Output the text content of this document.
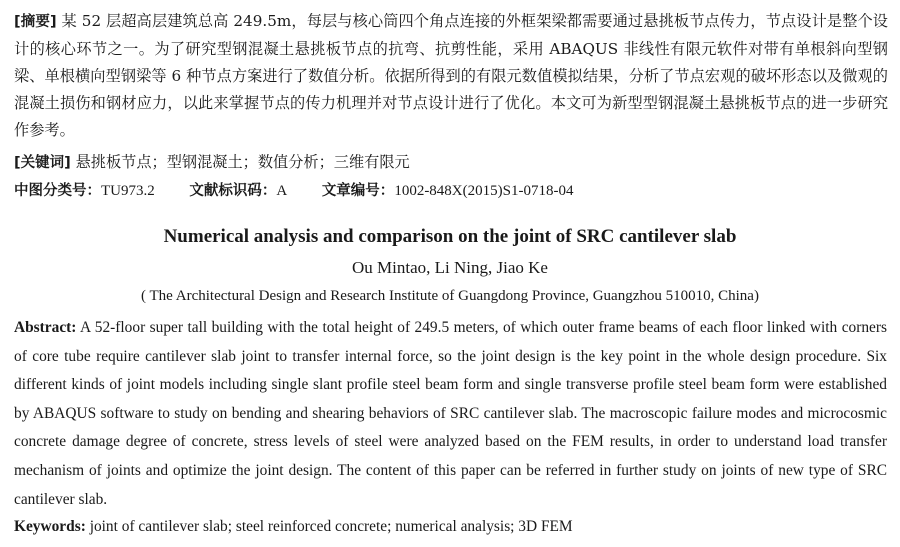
[摘要] 某 52 层超高层建筑总高 249.5m，每层与核心筒四个角点连接的外框架梁都需要通过悬挑板节点传力，节点设计是整个设计的核心环节之一。为了研究型钢混凝土悬挑板节点的抗弯、抗剪性能，采用 ABAQUS 非线性有限元软件对带有单根斜向型钢梁、单根横向型钢梁等 6 种节点方案进行了数值分析。依据所得到的有限元数值模拟结果，分析了节点宏观的破坏形态以及微观的混凝土损伤和钢材应力，以此来掌握节点的传力机理并对节点设计进行了优化。本文可为新型型钢混凝土悬挑板节点的进一步研究作参考。
[关键词] 悬挑板节点；型钢混凝土；数值分析；三维有限元
中图分类号：TU973.2 文献标识码：A 文章编号：1002-848X(2015)S1-0718-04
Numerical analysis and comparison on the joint of SRC cantilever slab
Ou Mintao, Li Ning, Jiao Ke
( The Architectural Design and Research Institute of Guangdong Province, Guangzhou 510010, China)
Abstract: A 52-floor super tall building with the total height of 249.5 meters, of which outer frame beams of each floor linked with corners of core tube require cantilever slab joint to transfer internal force, so the joint design is the key point in the whole design procedure. Six different kinds of joint models including single slant profile steel beam form and single transverse profile steel beam form were established by ABAQUS software to study on bending and shearing behaviors of SRC cantilever slab. The macroscopic failure modes and microcosmic concrete damage degree of concrete, stress levels of steel were analyzed based on the FEM results, in order to understand load transfer mechanism of joints and optimize the joint design. The content of this paper can be referred in further study on joints of new type of SRC cantilever slab.
Keywords: joint of cantilever slab; steel reinforced concrete; numerical analysis; 3D FEM
